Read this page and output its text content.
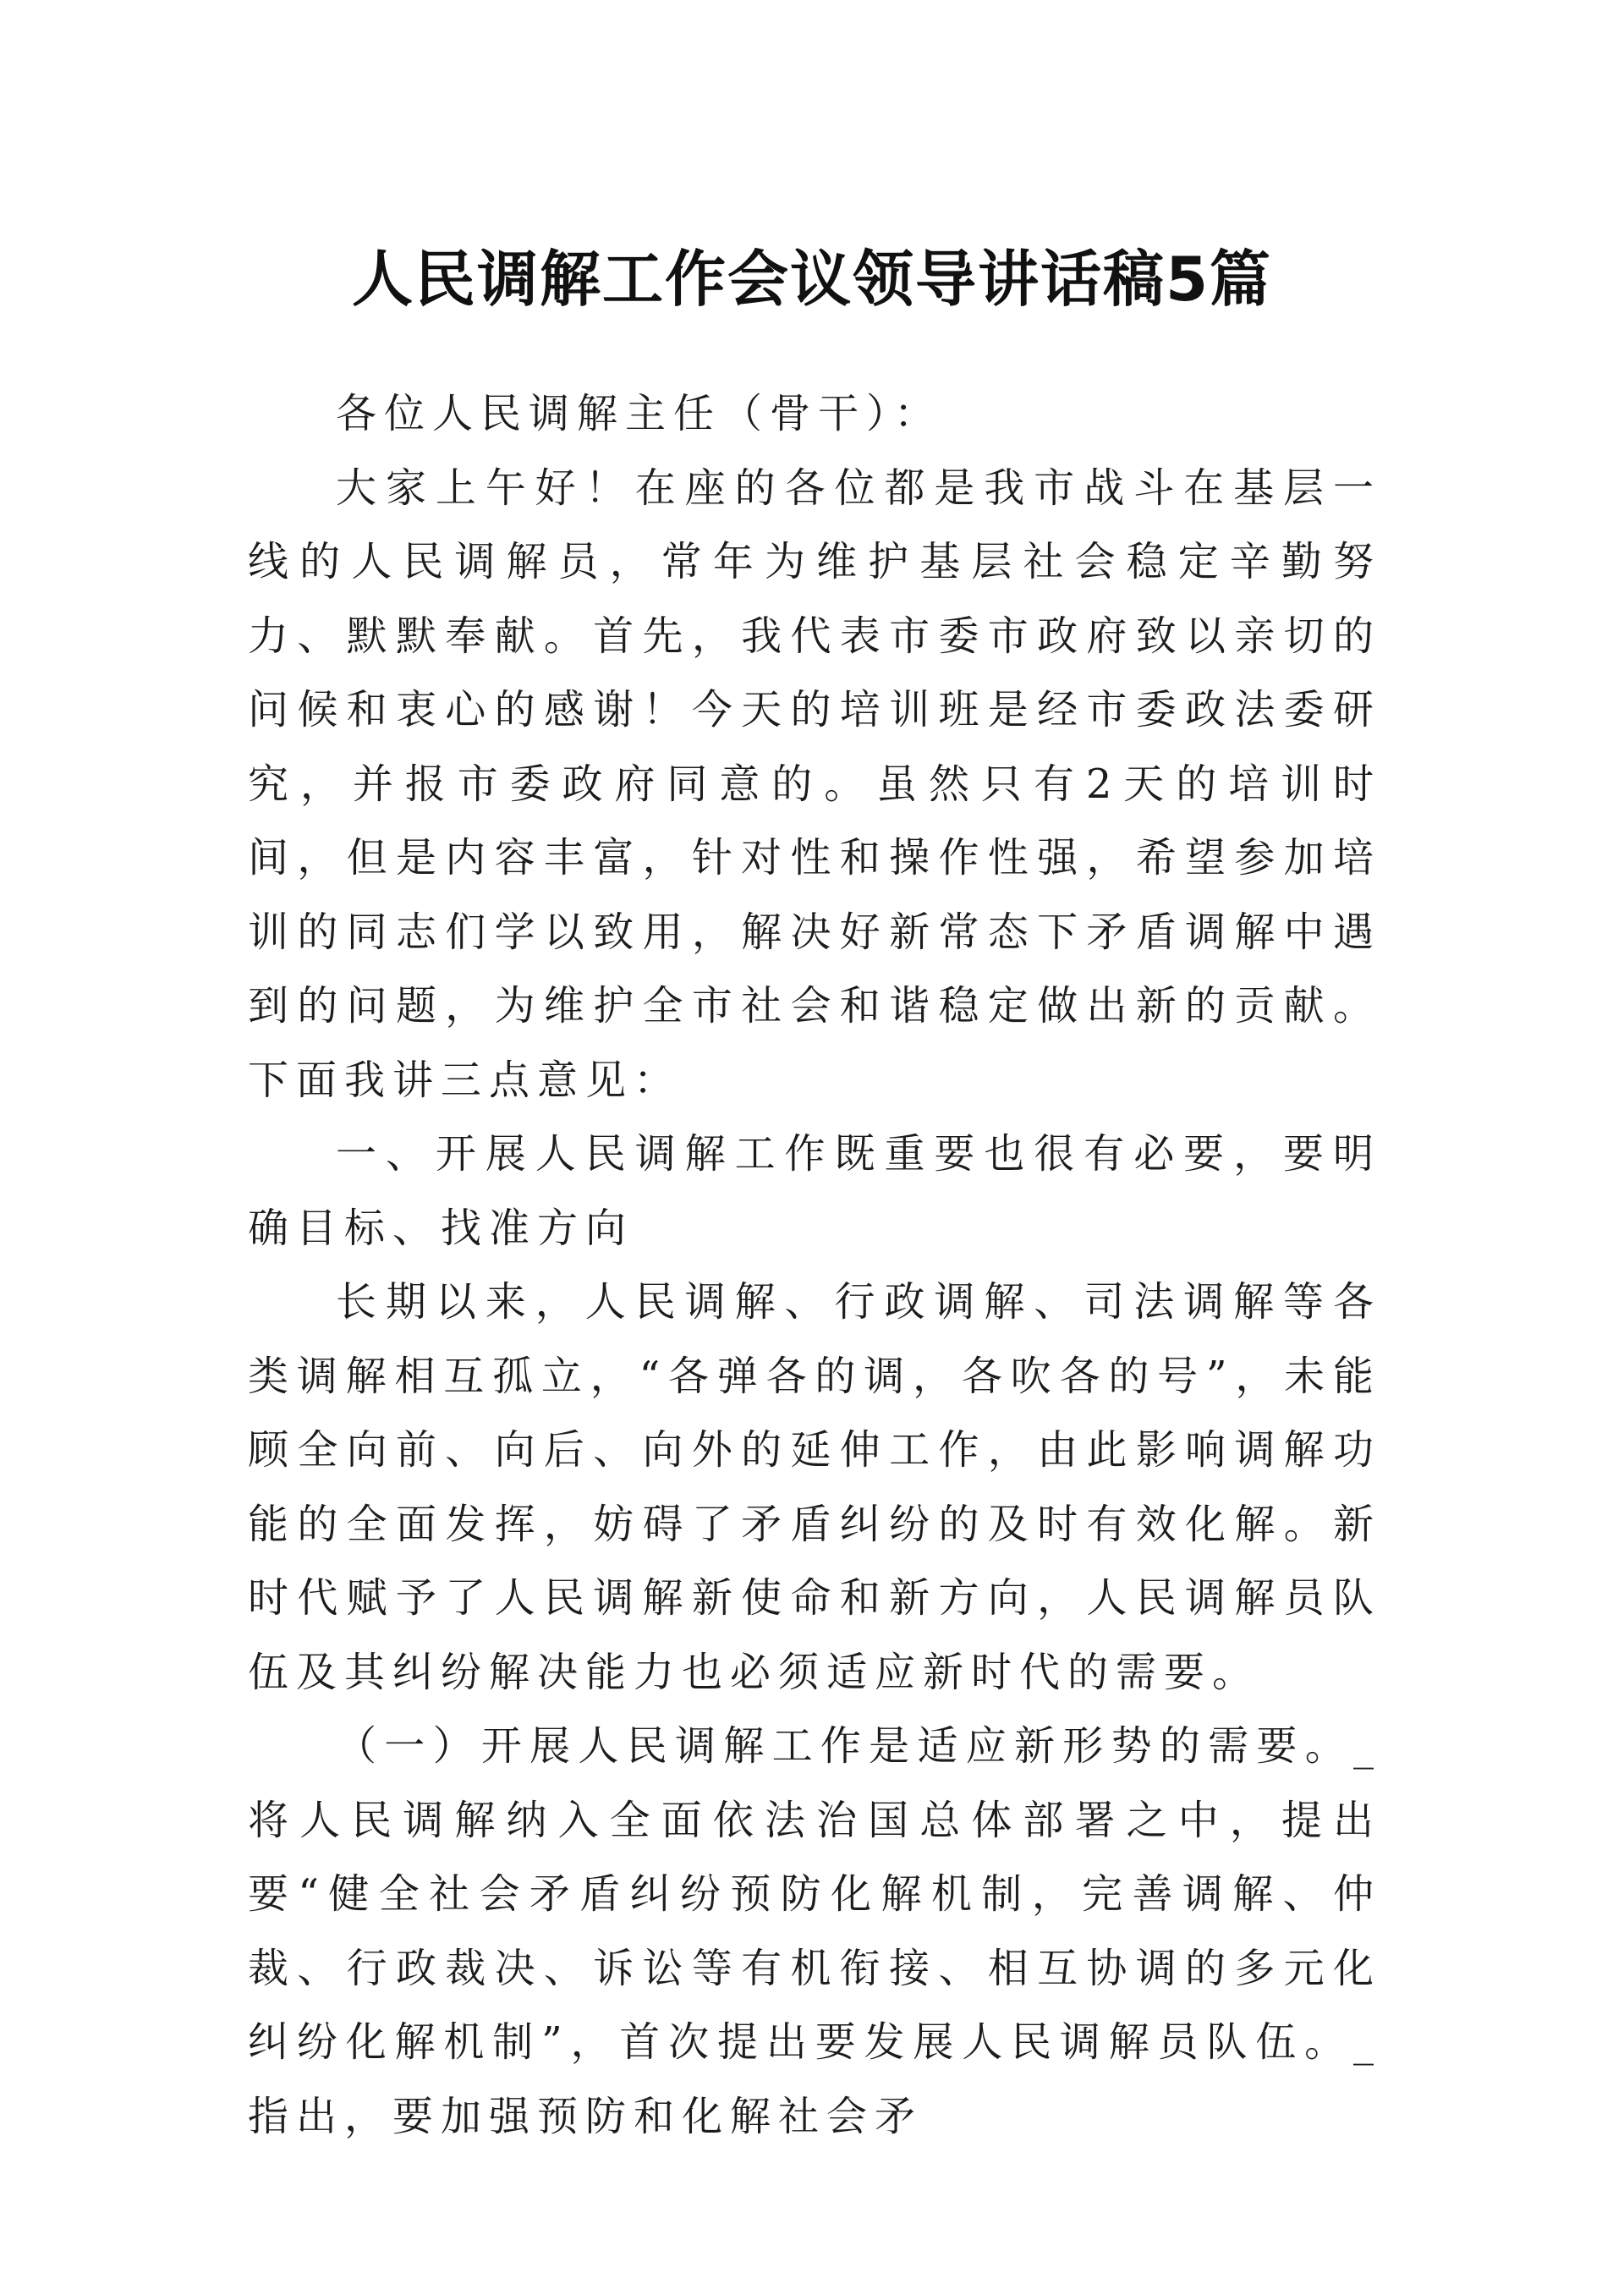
人民调解工作会议领导讲话稿5篇

各位人民调解主任（骨干）：

大家上午好！在座的各位都是我市战斗在基层一线的人民调解员，常年为维护基层社会稳定辛勤努力、默默奉献。首先，我代表市委市政府致以亲切的问候和衷心的感谢！今天的培训班是经市委政法委研究，并报市委政府同意的。虽然只有2天的培训时间，但是内容丰富，针对性和操作性强，希望参加培训的同志们学以致用，解决好新常态下矛盾调解中遇到的问题，为维护全市社会和谐稳定做出新的贡献。下面我讲三点意见：

一、开展人民调解工作既重要也很有必要，要明确目标、找准方向

长期以来，人民调解、行政调解、司法调解等各类调解相互孤立，“各弹各的调，各吹各的号”，未能顾全向前、向后、向外的延伸工作，由此影响调解功能的全面发挥，妨碍了矛盾纠纷的及时有效化解。新时代赋予了人民调解新使命和新方向，人民调解员队伍及其纠纷解决能力也必须适应新时代的需要。

（一）开展人民调解工作是适应新形势的需要。_将人民调解纳入全面依法治国总体部署之中，提出要“健全社会矛盾纠纷预防化解机制，完善调解、仲裁、行政裁决、诉讼等有机衔接、相互协调的多元化纠纷化解机制”，首次提出要发展人民调解员队伍。_指出，要加强预防和化解社会矛
